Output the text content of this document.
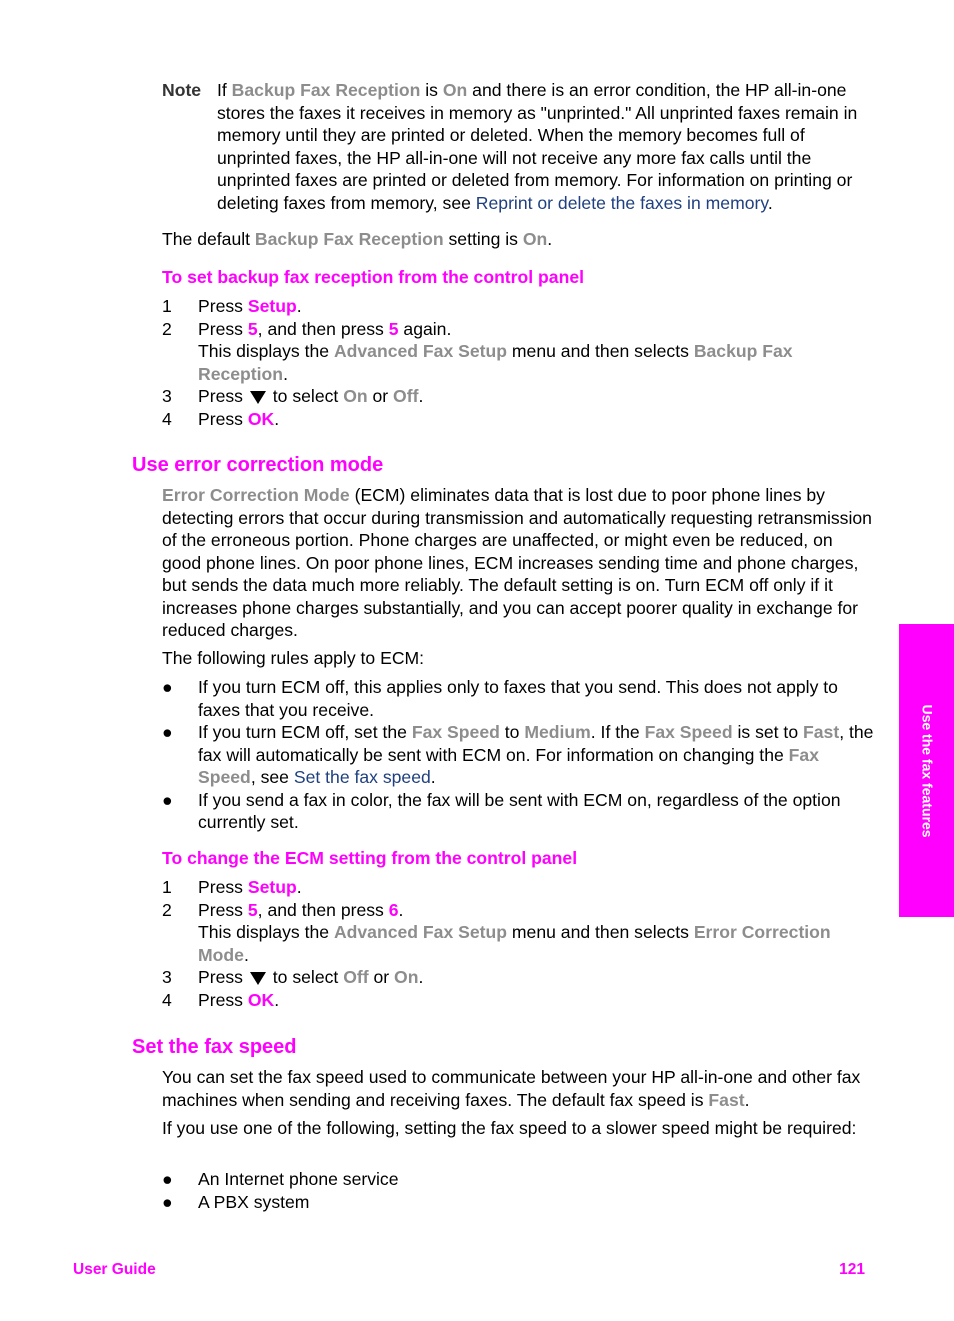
Note If Backup Fax Reception is On and there is an error condition, the HP all-in-one stores the faxes it receives in memory as "unprinted." All unprinted faxes remain in memory until they are printed or deleted. When the memory becomes full of unprinted faxes, the HP all-in-one will not receive any more fax calls until the unprinted faxes are printed or deleted from memory. For information on printing or deleting faxes from memory, see Reprint or delete the faxes in memory.

The default Backup Fax Reception setting is On.

To set backup fax reception from the control panel
1 Press Setup.
2 Press 5, and then press 5 again.
This displays the Advanced Fax Setup menu and then selects Backup Fax Reception.
3 Press  to select On or Off.
4 Press OK.
Use error correction mode

Error Correction Mode (ECM) eliminates data that is lost due to poor phone lines by detecting errors that occur during transmission and automatically requesting retransmission of the erroneous portion. Phone charges are unaffected, or might even be reduced, on good phone lines. On poor phone lines, ECM increases sending time and phone charges, but sends the data much more reliably. The default setting is on. Turn ECM off only if it increases phone charges substantially, and you can accept poorer quality in exchange for reduced charges.

The following rules apply to ECM:

● If you turn ECM off, this applies only to faxes that you send. This does not apply to faxes that you receive.
● If you turn ECM off, set the Fax Speed to Medium. If the Fax Speed is set to Fast, the fax will automatically be sent with ECM on. For information on changing the Fax Speed, see Set the fax speed.
● If you send a fax in color, the fax will be sent with ECM on, regardless of the option currently set.
To change the ECM setting from the control panel
1 Press Setup.
2 Press 5, and then press 6.
This displays the Advanced Fax Setup menu and then selects Error Correction Mode.
3 Press  to select Off or On.
4 Press OK.
Set the fax speed

You can set the fax speed used to communicate between your HP all-in-one and other fax machines when sending and receiving faxes. The default fax speed is Fast.

If you use one of the following, setting the fax speed to a slower speed might be required:

● An Internet phone service
● A PBX system
Use the fax features
User Guide	121
